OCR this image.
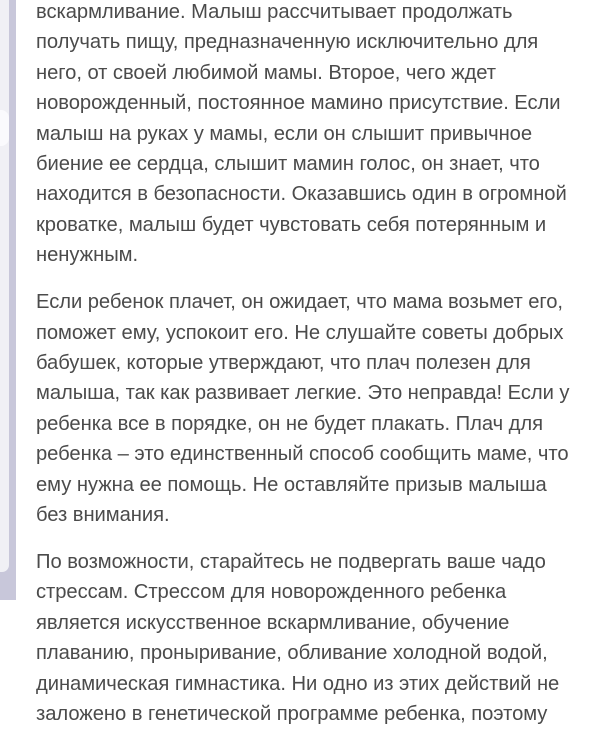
вскармливание. Малыш рассчитывает продолжать
получать пищу, предназначенную исключительно для
него, от своей любимой мамы. Второе, чего ждет
новорожденный, постоянное мамино присутствие. Если
малыш на руках у мамы, если он слышит привычное
биение ее сердца, слышит мамин голос, он знает, что
находится в безопасности. Оказавшись один в огромной
кроватке, малыш будет чувстовать себя потерянным и
ненужным.

Если ребенок плачет, он ожидает, что мама возьмет его,
поможет ему, успокоит его. Не слушайте советы добрых
бабушек, которые утверждают, что плач полезен для
малыша, так как развивает легкие. Это неправда! Если у
ребенка все в порядке, он не будет плакать. Плач для
ребенка – это единственный способ сообщить маме, что
ему нужна ее помощь. Не оставляйте призыв малыша
без внимания.

По возможности, старайтесь не подвергать ваше чадо
стрессам. Стрессом для новорожденного ребенка
является искусственное вскармливание, обучение
плаванию, проныривание, обливание холодной водой,
динамическая гимнастика. Ни одно из этих действий не
заложено в генетической программе ребенка, поэтому
